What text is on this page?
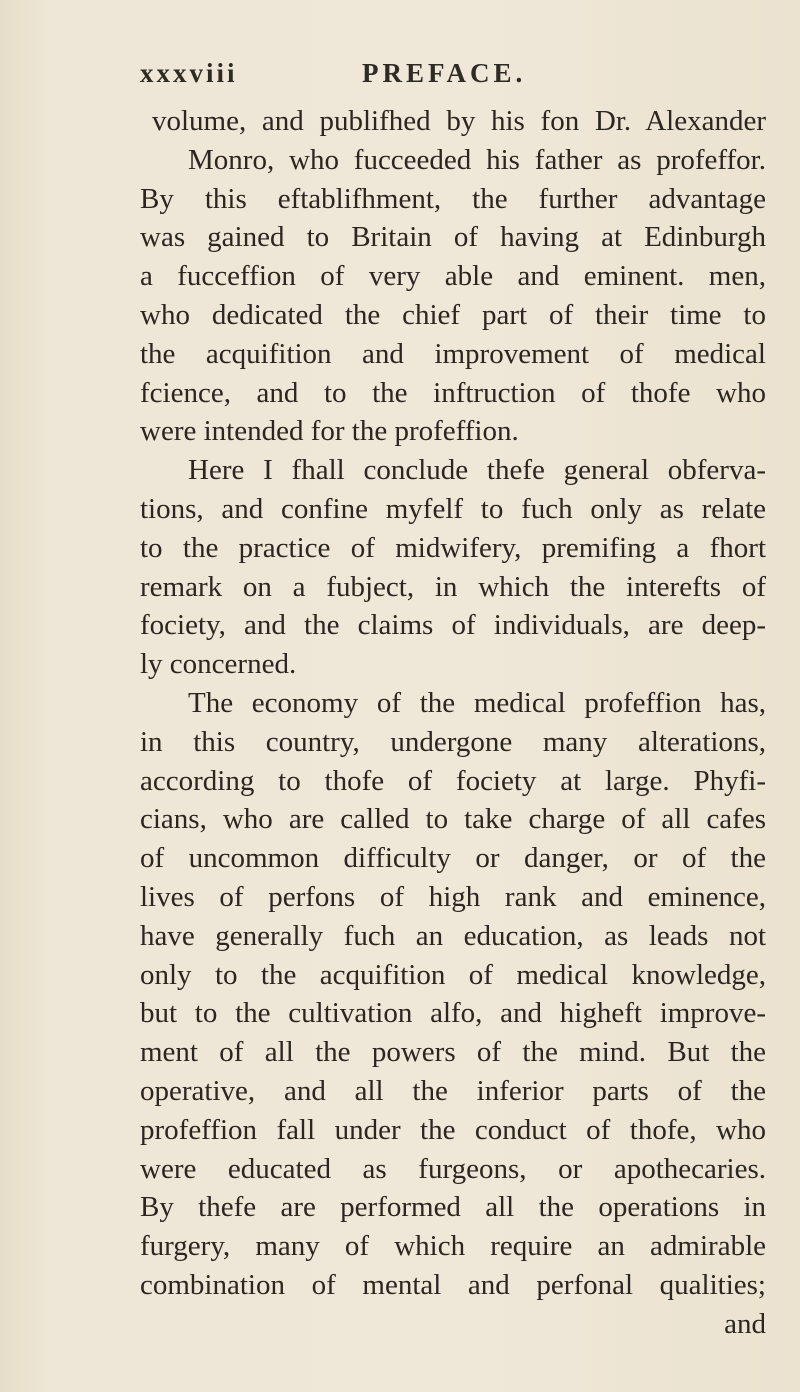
xxxviii	PREFACE.
volume, and publifhed by his fon Dr. Alexander
Monro, who fucceeded his father as profeffor.
By this eftablifhment, the further advantage
was gained to Britain of having at Edinburgh
a fucceffion of very able and eminent. men,
who dedicated the chief part of their time to
the acquifition and improvement of medical
fcience, and to the inftruction of thofe who
were intended for the profeffion.
Here I fhall conclude thefe general obferva-
tions, and confine myfelf to fuch only as relate
to the practice of midwifery, premifing a fhort
remark on a fubject, in which the interefts of
fociety, and the claims of individuals, are deep-
ly concerned.
The economy of the medical profeffion has,
in this country, undergone many alterations,
according to thofe of fociety at large. Phyfi-
cians, who are called to take charge of all cafes
of uncommon difficulty or danger, or of the
lives of perfons of high rank and eminence,
have generally fuch an education, as leads not
only to the acquifition of medical knowledge,
but to the cultivation alfo, and higheft improve-
ment of all the powers of the mind. But the
operative, and all the inferior parts of the
profeffion fall under the conduct of thofe, who
were educated as furgeons, or apothecaries.
By thefe are performed all the operations in
furgery, many of which require an admirable
combination of mental and perfonal qualities;
and
